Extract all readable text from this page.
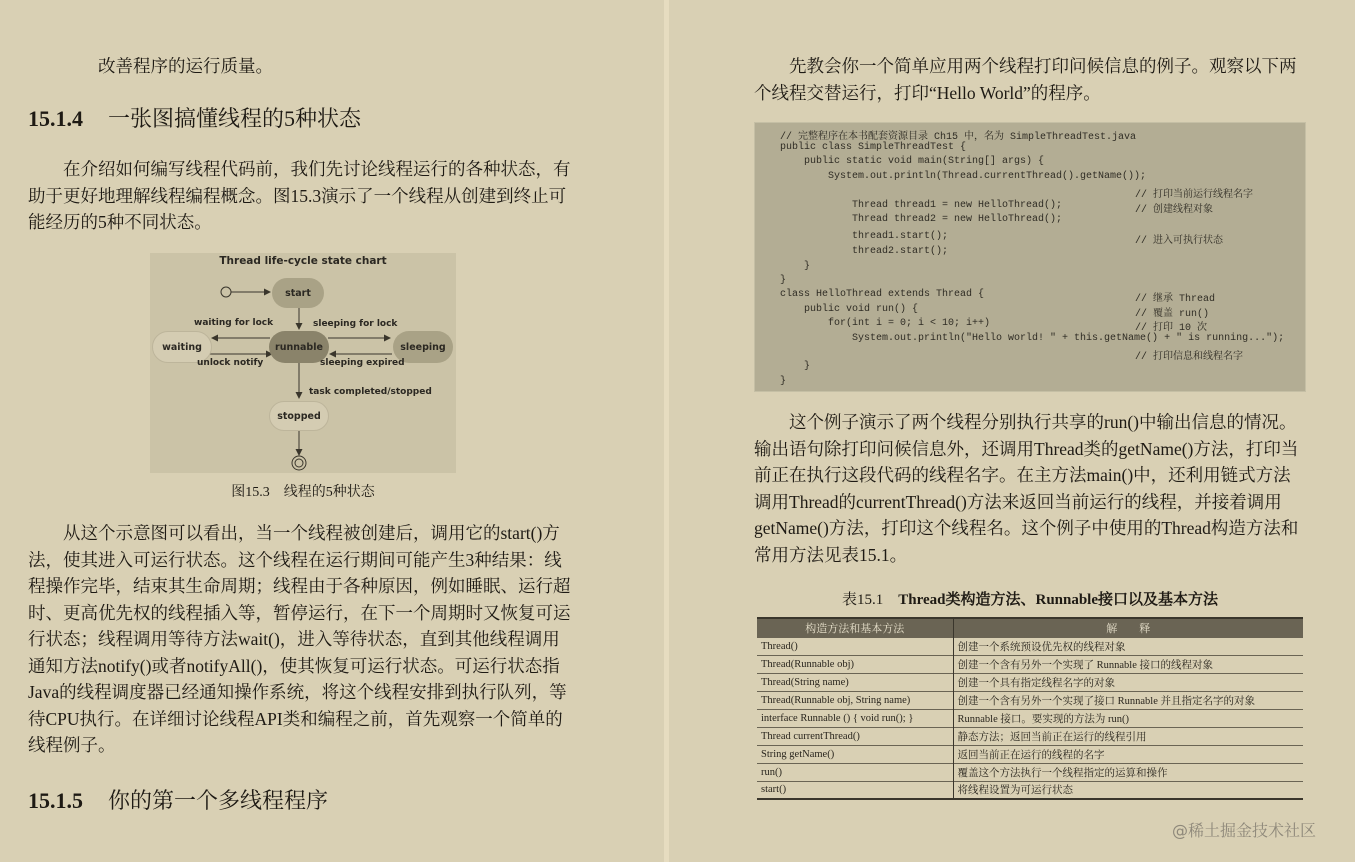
改善程序的运行质量。
15.1.4 一张图搞懂线程的5种状态
在介绍如何编写线程代码前，我们先讨论线程运行的各种状态，有
助于更好地理解线程编程概念。图15.3演示了一个线程从创建到终止可
能经历的5种不同状态。
Thread life-cycle state chart
start
runnable
waiting	sleeping
stopped
waiting for lock	sleeping for lock
unlock notify	sleeping expired
task completed/stopped
图15.3　线程的5种状态
从这个示意图可以看出，当一个线程被创建后，调用它的start()方
法，使其进入可运行状态。这个线程在运行期间可能产生3种结果：线
程操作完毕，结束其生命周期；线程由于各种原因，例如睡眠、运行超
时、更高优先权的线程插入等，暂停运行，在下一个周期时又恢复可运
行状态；线程调用等待方法wait()，进入等待状态，直到其他线程调用
通知方法notify()或者notifyAll()，使其恢复可运行状态。可运行状态指
Java的线程调度器已经通知操作系统，将这个线程安排到执行队列，等
待CPU执行。在详细讨论线程API类和编程之前，首先观察一个简单的
线程例子。
15.1.5 你的第一个多线程程序
先教会你一个简单应用两个线程打印问候信息的例子。观察以下两
个线程交替运行，打印“Hello World”的程序。
// 完整程序在本书配套资源目录 Ch15 中，名为 SimpleThreadTest.java
public class SimpleThreadTest {
public static void main(String[] args) {
System.out.println(Thread.currentThread().getName());
// 打印当前运行线程名字
Thread thread1 = new HelloThread();	// 创建线程对象
Thread thread2 = new HelloThread();
thread1.start();	// 进入可执行状态
thread2.start();
}
}
class HelloThread extends Thread {	// 继承 Thread
public void run() {	// 覆盖 run()
for(int i = 0; i < 10; i++)	// 打印 10 次
System.out.println("Hello world! " + this.getName() + " is running...");
// 打印信息和线程名字
}
}
这个例子演示了两个线程分别执行共享的run()中输出信息的情况。
输出语句除打印问候信息外，还调用Thread类的getName()方法，打印当
前正在执行这段代码的线程名字。在主方法main()中，还利用链式方法
调用Thread的currentThread()方法来返回当前运行的线程，并接着调用
getName()方法，打印这个线程名。这个例子中使用的Thread构造方法和
常用方法见表15.1。
表15.1　Thread类构造方法、Runnable接口以及基本方法
构造方法和基本方法	解　　释
Thread()	创建一个系统预设优先权的线程对象
Thread(Runnable obj)	创建一个含有另外一个实现了 Runnable 接口的线程对象
Thread(String name)	创建一个具有指定线程名字的对象
Thread(Runnable obj, String name)	创建一个含有另外一个实现了接口 Runnable 并且指定名字的对象
interface Runnable () { void run(); }	Runnable 接口。要实现的方法为 run()
Thread currentThread()	静态方法；返回当前正在运行的线程引用
String getName()	返回当前正在运行的线程的名字
run()	覆盖这个方法执行一个线程指定的运算和操作
start()	将线程设置为可运行状态
@稀土掘金技术社区
